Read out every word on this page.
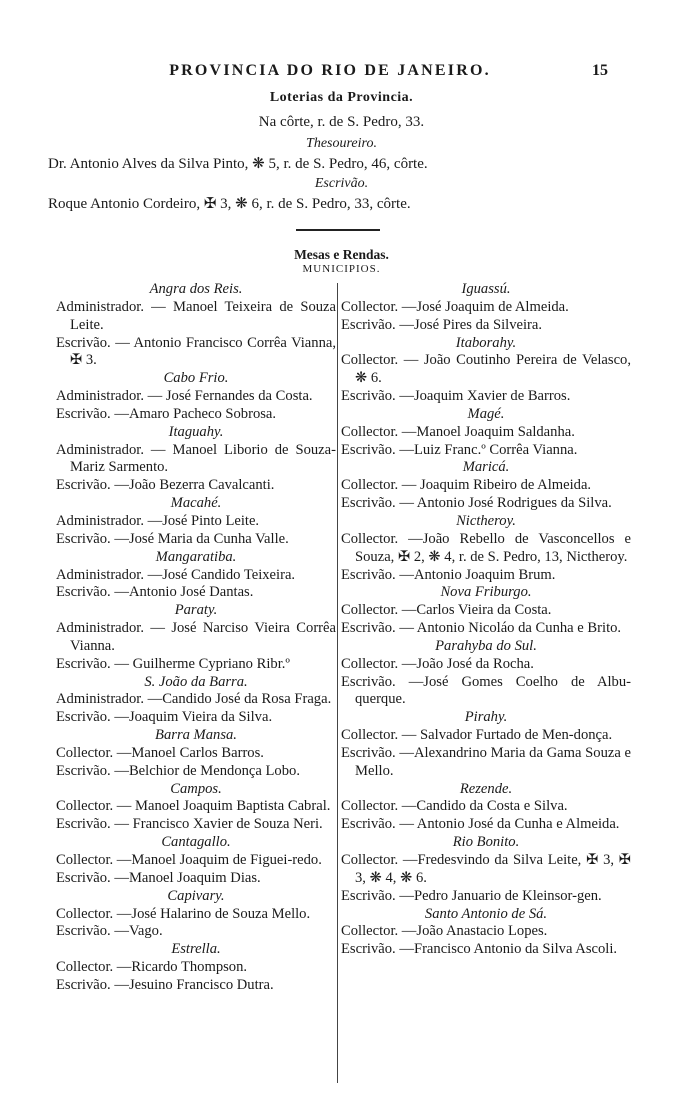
PROVINCIA DO RIO DE JANEIRO.	15
Loterias da Provincia.
Na côrte, r. de S. Pedro, 33.
Thesoureiro.
Dr. Antonio Alves da Silva Pinto, ❋ 5, r. de S. Pedro, 46, côrte.
Escrivão.
Roque Antonio Cordeiro, ✠ 3, ❋ 6, r. de S. Pedro, 33, côrte.
Mesas e Rendas.
MUNICIPIOS.
Angra dos Reis.

Administrador. — Manoel Teixeira de Souza Leite.

Escrivão. — Antonio Francisco Corrêa Vianna, ✠ 3.

Cabo Frio.

Administrador. — José Fernandes da Costa.

Escrivão. —Amaro Pacheco Sobrosa.

Itaguahy.

Administrador. — Manoel Liborio de Souza-Mariz Sarmento.

Escrivão. —João Bezerra Cavalcanti.

Macahé.

Administrador. —José Pinto Leite.

Escrivão. —José Maria da Cunha Valle.

Mangaratiba.

Administrador. —José Candido Teixeira.

Escrivão. —Antonio José Dantas.

Paraty.

Administrador. — José Narciso Vieira Corrêa Vianna.

Escrivão. — Guilherme Cypriano Ribr.º

S. João da Barra.

Administrador. —Candido José da Rosa Fraga.

Escrivão. —Joaquim Vieira da Silva.

Barra Mansa.

Collector. —Manoel Carlos Barros.

Escrivão. —Belchior de Mendonça Lobo.

Campos.

Collector. — Manoel Joaquim Baptista Cabral.

Escrivão. — Francisco Xavier de Souza Neri.

Cantagallo.

Collector. —Manoel Joaquim de Figuei-redo.

Escrivão. —Manoel Joaquim Dias.

Capivary.

Collector. —José Halarino de Souza Mello.

Escrivão. —Vago.

Estrella.

Collector. —Ricardo Thompson.

Escrivão. —Jesuino Francisco Dutra.

Iguassú.

Collector. —José Joaquim de Almeida.

Escrivão. —José Pires da Silveira.

Itaborahy.

Collector. — João Coutinho Pereira de Velasco, ❋ 6.

Escrivão. —Joaquim Xavier de Barros.

Magé.

Collector. —Manoel Joaquim Saldanha.

Escrivão. —Luiz Franc.º Corrêa Vianna.

Maricá.

Collector. — Joaquim Ribeiro de Almeida.

Escrivão. — Antonio José Rodrigues da Silva.

Nictheroy.

Collector. —João Rebello de Vasconcellos e Souza, ✠ 2, ❋ 4, r. de S. Pedro, 13, Nictheroy.

Escrivão. —Antonio Joaquim Brum.

Nova Friburgo.

Collector. —Carlos Vieira da Costa.

Escrivão. — Antonio Nicoláo da Cunha e Brito.

Parahyba do Sul.

Collector. —João José da Rocha.

Escrivão. —José Gomes Coelho de Albu-querque.

Pirahy.

Collector. — Salvador Furtado de Men-donça.

Escrivão. —Alexandrino Maria da Gama Souza e Mello.

Rezende.

Collector. —Candido da Costa e Silva.

Escrivão. — Antonio José da Cunha e Almeida.

Rio Bonito.

Collector. —Fredesvindo da Silva Leite, ✠ 3, ✠ 3, ❋ 4, ❋ 6.

Escrivão. —Pedro Januario de Kleinsor-gen.

Santo Antonio de Sá.

Collector. —João Anastacio Lopes.

Escrivão. —Francisco Antonio da Silva Ascoli.
